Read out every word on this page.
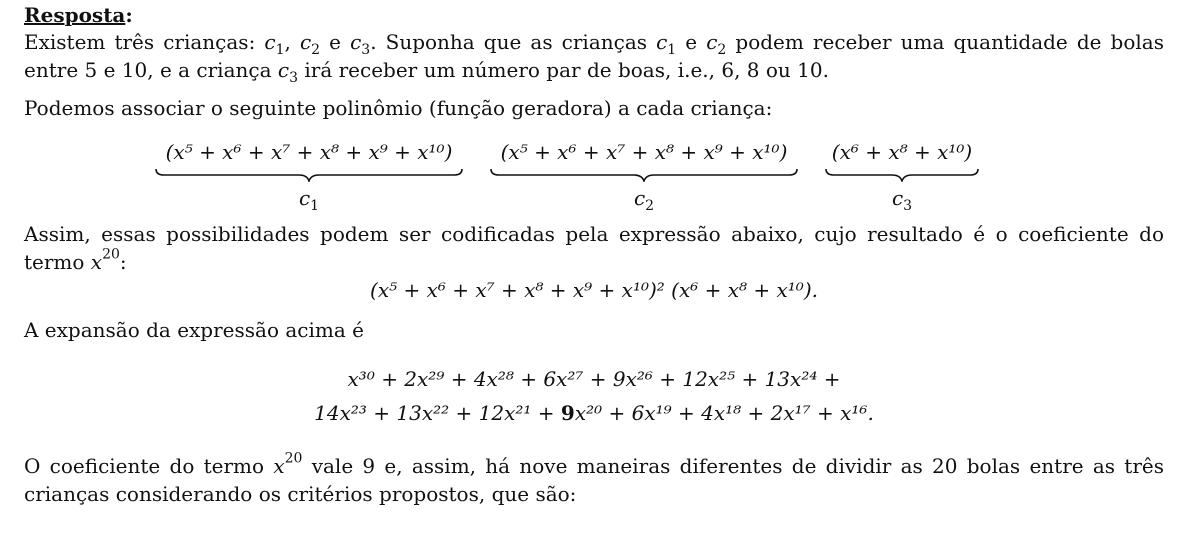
Resposta:

Existem três crianças: $c_1$, $c_2$ e $c_3$. Suponha que as crianças $c_1$ e $c_2$ podem receber uma quantidade de bolas entre 5 e 10, e a criança $c_3$ irá receber um número par de boas, i.e., 6, 8 ou 10.

Podemos associar o seguinte polinômio (função geradora) a cada criança:

(x⁵ + x⁶ + x⁷ + x⁸ + x⁹ + x¹⁰)
$c_1$
(x⁵ + x⁶ + x⁷ + x⁸ + x⁹ + x¹⁰)
$c_2$
(x⁶ + x⁸ + x¹⁰)
$c_3$

Assim, essas possibilidades podem ser codificadas pela expressão abaixo, cujo resultado é o coeficiente do termo $x^{20}$:

(x⁵ + x⁶ + x⁷ + x⁸ + x⁹ + x¹⁰)² (x⁶ + x⁸ + x¹⁰).

A expansão da expressão acima é

x³⁰ + 2x²⁹ + 4x²⁸ + 6x²⁷ + 9x²⁶ + 12x²⁵ + 13x²⁴ +
14x²³ + 13x²² + 12x²¹ + 9x²⁰ + 6x¹⁹ + 4x¹⁸ + 2x¹⁷ + x¹⁶.

O coeficiente do termo $x^{20}$ vale 9 e, assim, há nove maneiras diferentes de dividir as 20 bolas entre as três crianças considerando os critérios propostos, que são:
